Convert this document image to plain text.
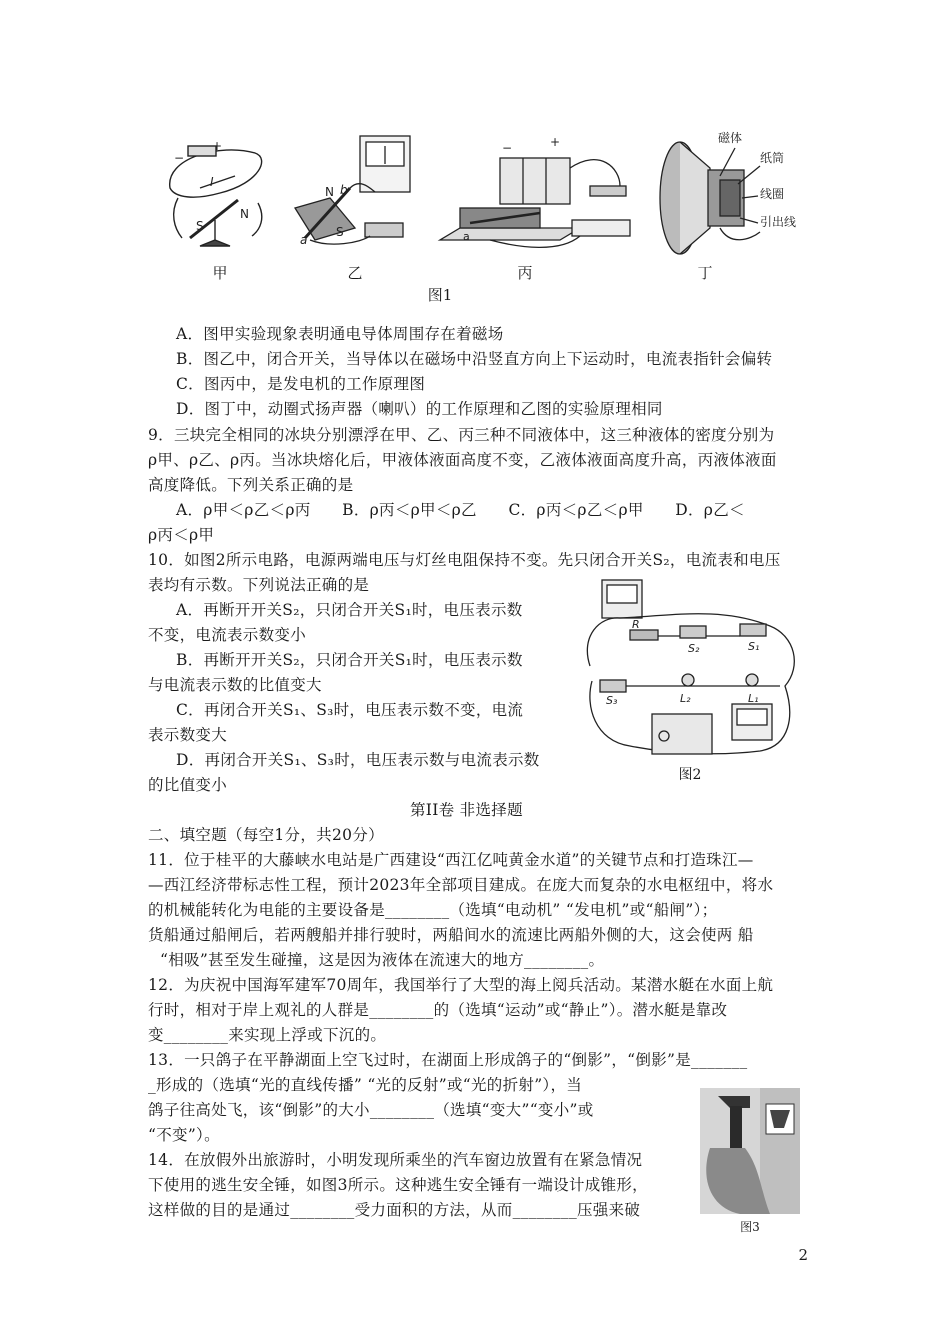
−
+
I
S
N
N b
S
a
−	+
a
磁体
纸筒
线圈
引出线
甲	乙	丙	丁
图1
A．图甲实验现象表明通电导体周围存在着磁场
B．图乙中，闭合开关，当导体以在磁场中沿竖直方向上下运动时，电流表指针会偏转
C．图丙中，是发电机的工作原理图
D．图丁中，动圈式扬声器（喇叭）的工作原理和乙图的实验原理相同
9．三块完全相同的冰块分别漂浮在甲、乙、丙三种不同液体中，这三种液体的密度分别为
ρ甲、ρ乙、ρ丙。当冰块熔化后，甲液体液面高度不变，乙液体液面高度升高，丙液体液面
高度降低。下列关系正确的是
A．ρ甲＜ρ乙＜ρ丙　　B．ρ丙＜ρ甲＜ρ乙　　C．ρ丙＜ρ乙＜ρ甲　　D．ρ乙＜
ρ丙＜ρ甲
10．如图2所示电路，电源两端电压与灯丝电阻保持不变。先只闭合开关S₂，电流表和电压
表均有示数。下列说法正确的是
A．再断开开关S₂，只闭合开关S₁时，电压表示数
不变，电流表示数变小
B．再断开开关S₂，只闭合开关S₁时，电压表示数
与电流表示数的比值变大
C．再闭合开关S₁、S₃时，电压表示数不变，电流
表示数变大
D．再闭合开关S₁、S₃时，电压表示数与电流表示数
的比值变小
R
S₂	S₁
S₃	L₂	L₁
图2
第II卷 非选择题
二、填空题（每空1分，共20分）
11．位于桂平的大藤峡水电站是广西建设“西江亿吨黄金水道”的关键节点和打造珠江—
—西江经济带标志性工程，预计2023年全部项目建成。在庞大而复杂的水电枢纽中，将水
的机械能转化为电能的主要设备是________（选填“电动机” “发电机”或“船闸”）；
货船通过船闸后，若两艘船并排行驶时，两船间水的流速比两船外侧的大，这会使两 船
“相吸”甚至发生碰撞，这是因为液体在流速大的地方________。
12．为庆祝中国海军建军70周年，我国举行了大型的海上阅兵活动。某潜水艇在水面上航
行时，相对于岸上观礼的人群是________的（选填“运动”或“静止”）。潜水艇是靠改
变________来实现上浮或下沉的。
13．一只鸽子在平静湖面上空飞过时，在湖面上形成鸽子的“倒影”，“倒影”是_______
_形成的（选填“光的直线传播” “光的反射”或“光的折射”），当
鸽子往高处飞，该“倒影”的大小________（选填“变大”“变小”或
“不变”）。
14．在放假外出旅游时，小明发现所乘坐的汽车窗边放置有在紧急情况
下使用的逃生安全锤，如图3所示。这种逃生安全锤有一端设计成锥形，
这样做的目的是通过________受力面积的方法，从而________压强来破
图3
2
